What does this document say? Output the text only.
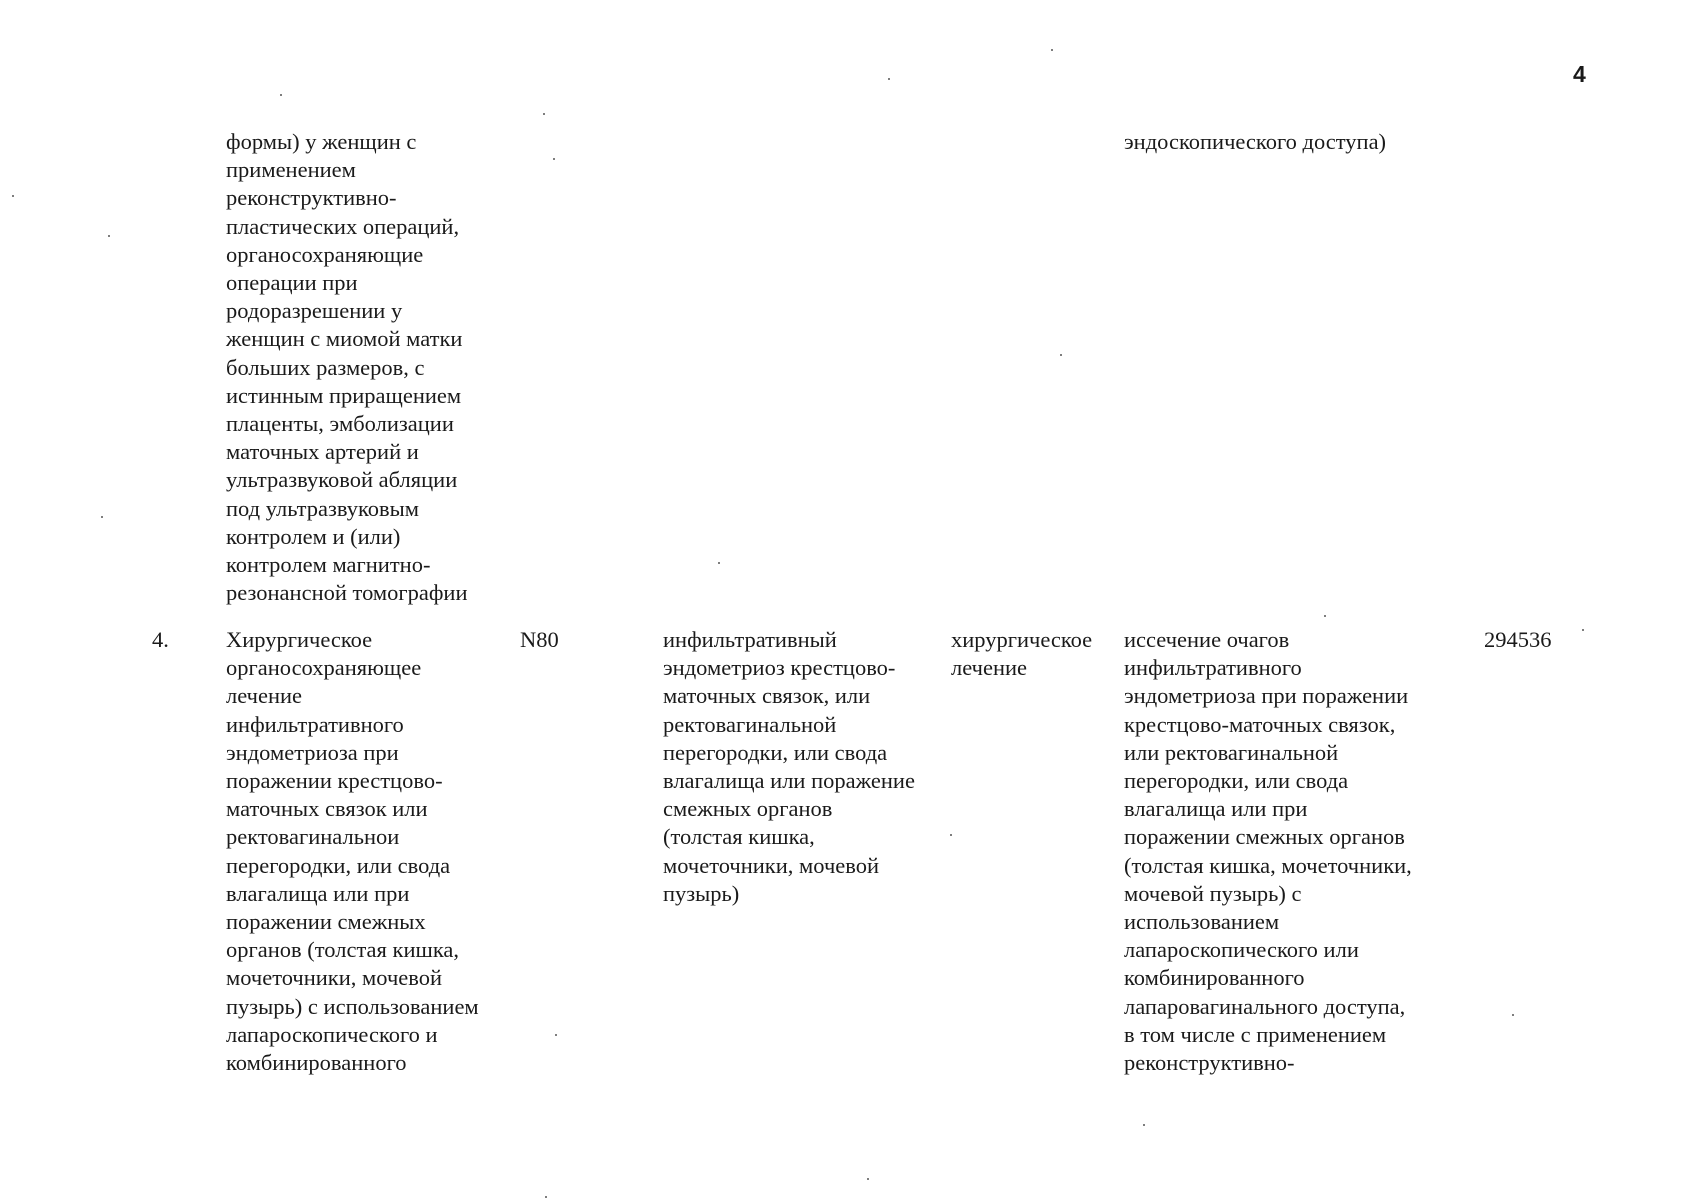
4

формы) у женщин с
применением
реконструктивно-
пластических операций,
органосохраняющие
операции при
родоразрешении у
женщин с миомой матки
больших размеров, с
истинным приращением
плаценты, эмболизации
маточных артерий и
ультразвуковой абляции
под ультразвуковым
контролем и (или)
контролем магнитно-
резонансной томографии

эндоскопического доступа)

4.	Хирургическое
органосохраняющее
лечение
инфильтративного
эндометриоза при
поражении крестцово-
маточных связок или
ректовагинальнои
перегородки, или свода
влагалища или при
поражении смежных
органов (толстая кишка,
мочеточники, мочевой
пузырь) с использованием
лапароскопического и
комбинированного

N80	инфильтративный
эндометриоз крестцово-
маточных связок, или
ректовагинальной
перегородки, или свода
влагалища или поражение
смежных органов
(толстая кишка,
мочеточники, мочевой
пузырь)

хирургическое
лечение

иссечение очагов
инфильтративного
эндометриоза при поражении
крестцово-маточных связок,
или ректовагинальной
перегородки, или свода
влагалища или при
поражении смежных органов
(толстая кишка, мочеточники,
мочевой пузырь) с
использованием
лапароскопического или
комбинированного
лапаровагинального доступа,
в том числе с применением
реконструктивно-

294536
